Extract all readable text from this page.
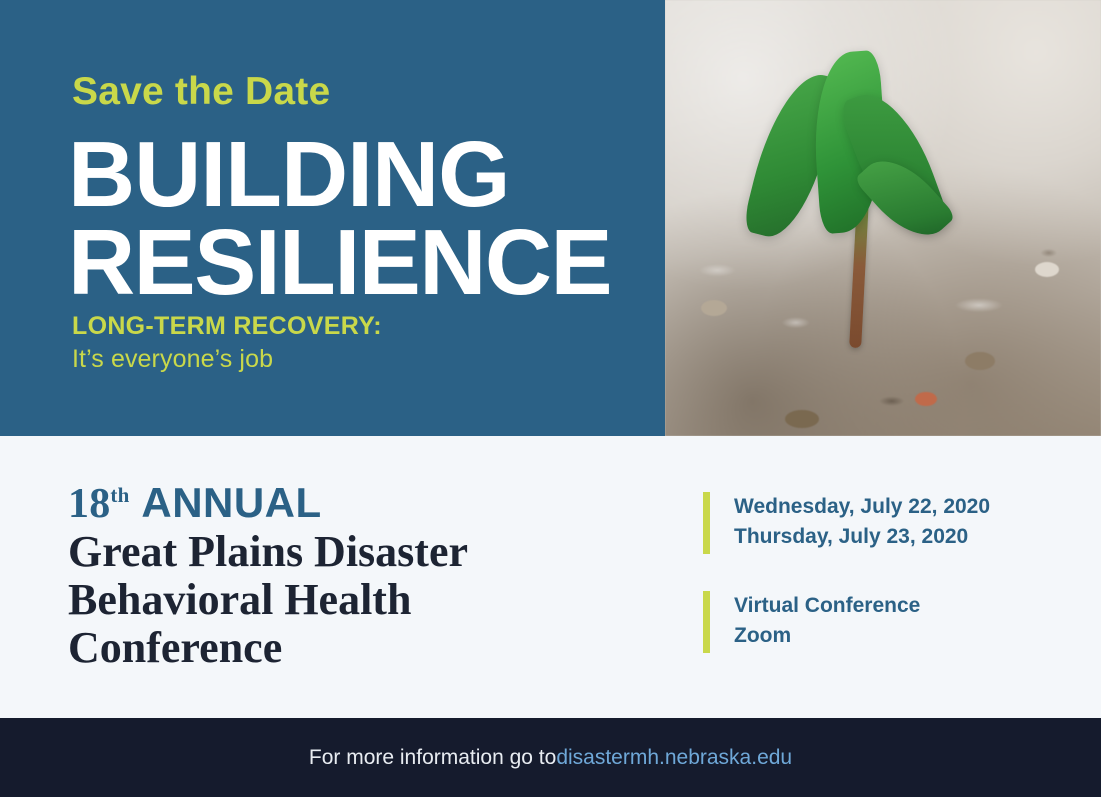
Save the Date
BUILDING
RESILIENCE
LONG-TERM RECOVERY:
It’s everyone’s job
18th ANNUAL
Great Plains Disaster
Behavioral Health
Conference
Wednesday, July 22, 2020
Thursday, July 23, 2020
Virtual Conference
Zoom
For more information go to disastermh.nebraska.edu
